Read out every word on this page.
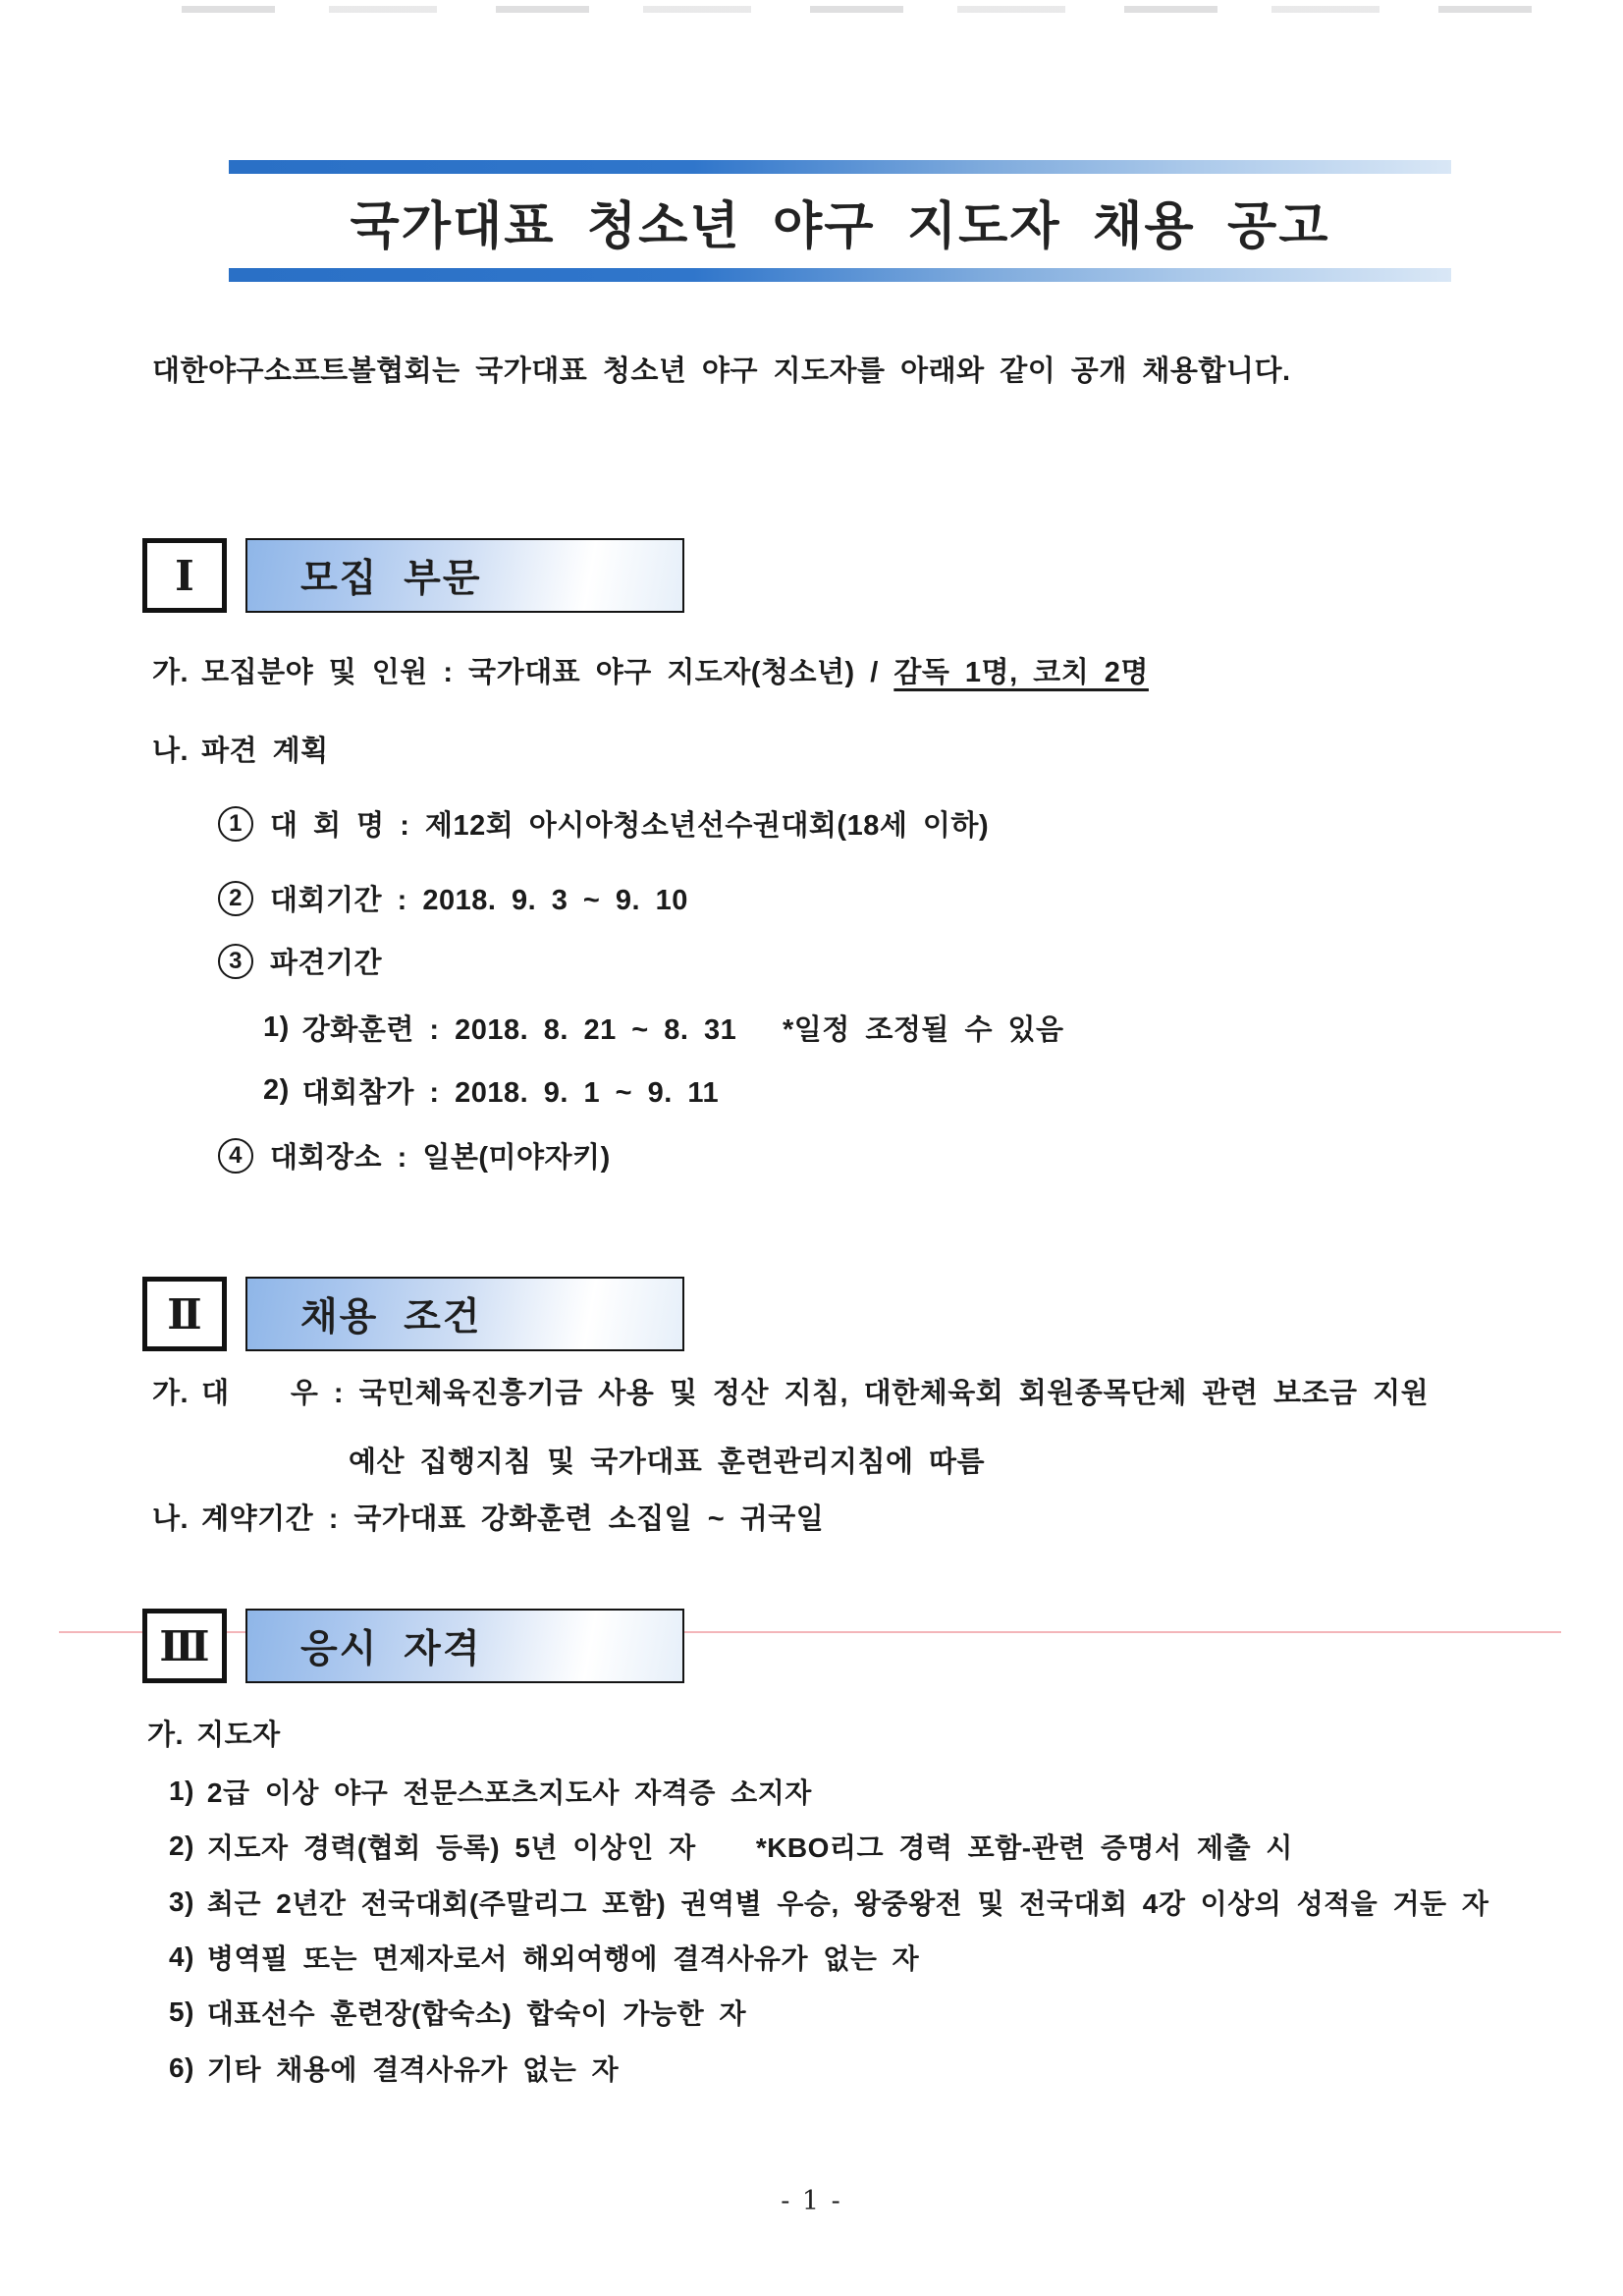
국가대표 청소년 야구 지도자 채용 공고
대한야구소프트볼협회는 국가대표 청소년 야구 지도자를 아래와 같이 공개 채용합니다.
Ⅰ	모집 부문
가. 모집분야 및 인원 : 국가대표 야구 지도자(청소년) / 감독 1명, 코치 2명
나. 파견 계획
1 대 회 명 : 제12회 아시아청소년선수권대회(18세 이하)
2 대회기간 : 2018. 9. 3 ~ 9. 10
3 파견기간
1) 강화훈련 : 2018. 8. 21 ~ 8. 31   *일정 조정될 수 있음
2) 대회참가 : 2018. 9. 1 ~ 9. 11
4 대회장소 : 일본(미야자키)
Ⅱ	채용 조건
가. 대    우 : 국민체육진흥기금 사용 및 정산 지침, 대한체육회 회원종목단체 관련 보조금 지원
예산 집행지침 및 국가대표 훈련관리지침에 따름
나. 계약기간 : 국가대표 강화훈련 소집일 ~ 귀국일
Ⅲ	응시 자격
가. 지도자
1) 2급 이상 야구 전문스포츠지도사 자격증 소지자
2) 지도자 경력(협회 등록) 5년 이상인 자    *KBO리그 경력 포함-관련 증명서 제출 시
3) 최근 2년간 전국대회(주말리그 포함) 권역별 우승, 왕중왕전 및 전국대회 4강 이상의 성적을 거둔 자
4) 병역필 또는 면제자로서 해외여행에 결격사유가 없는 자
5) 대표선수 훈련장(합숙소) 합숙이 가능한 자
6) 기타 채용에 결격사유가 없는 자
- 1 -
